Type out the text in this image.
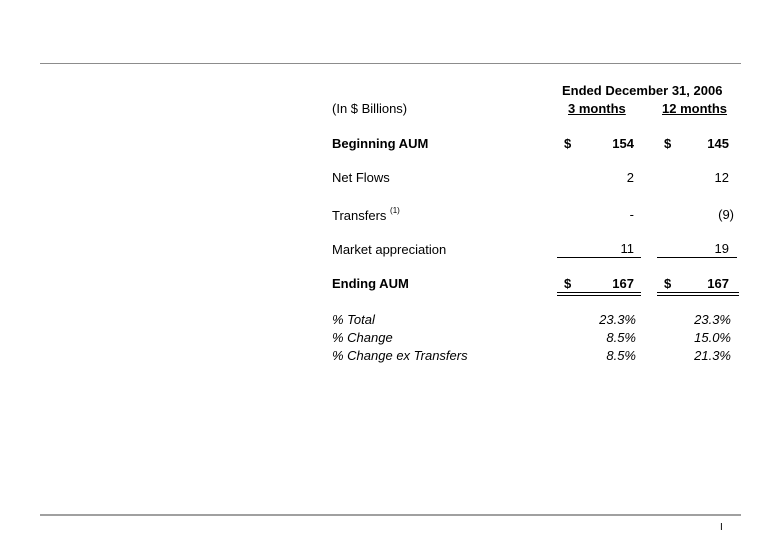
Ended December 31, 2006
(In $ Billions)	3 months	12 months
Beginning AUM	$	154 $	145
Net Flows	2	12
Transfers $^{(1)}$	-	(9)
Market appreciation	11	19
Ending AUM	$	167 $	167
% Total	23.3%	23.3%
% Change	8.5%	15.0%
% Change ex Transfers	8.5%	21.3%
I
